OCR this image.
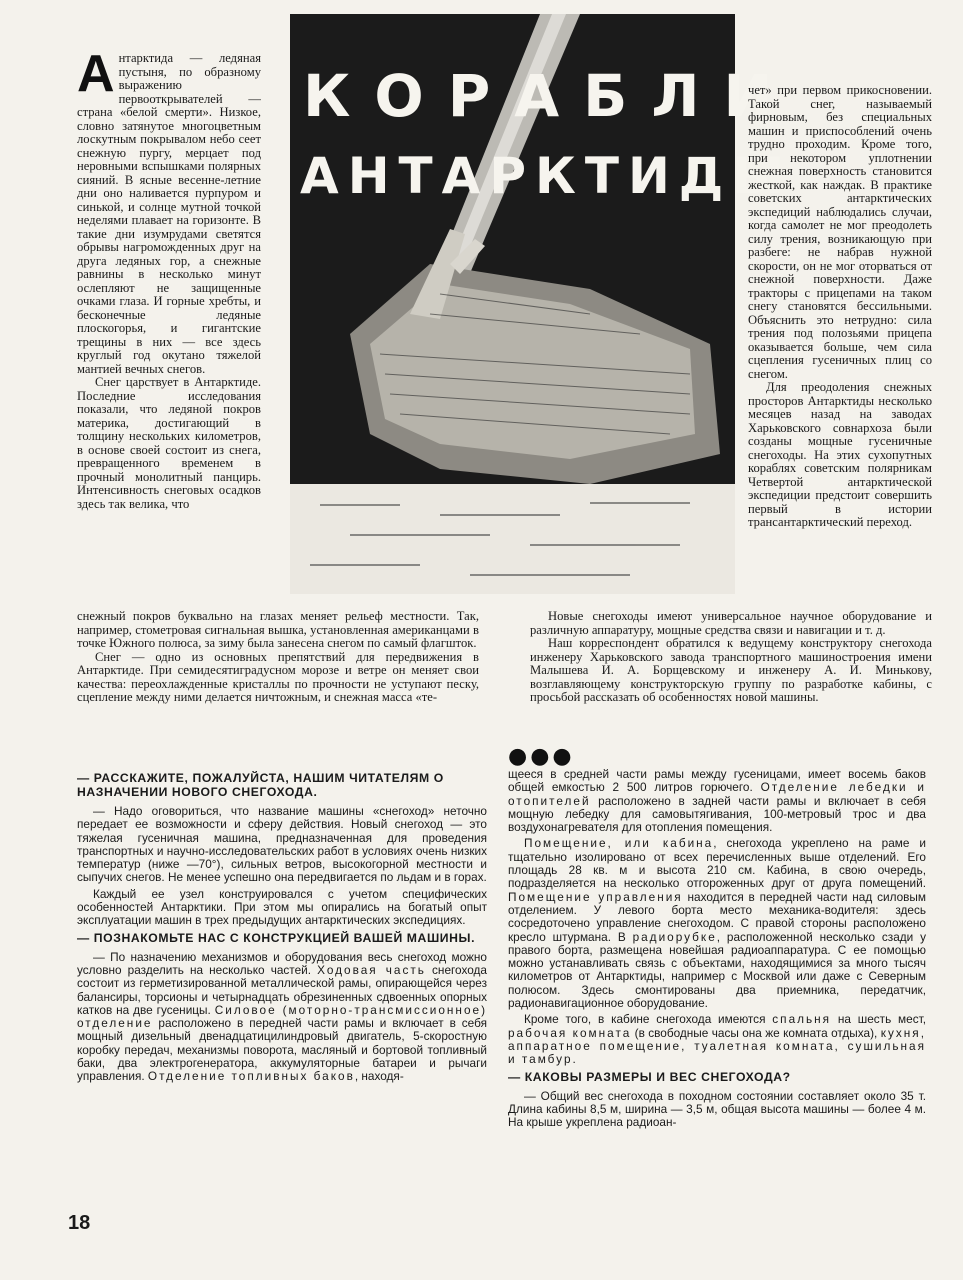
КОРАБЛИ
АНТАРКТИДЫ

Антарктида — ледяная пустыня, по образному выражению первооткрывателей — страна «белой смерти». Низкое, словно затянутое многоцветным лоскутным покрывалом небо сеет снежную пургу, мерцает под неровными вспышками полярных сияний. В ясные весенне-летние дни оно наливается пурпуром и синькой, и солнце мутной точкой неделями плавает на горизонте. В такие дни изумрудами светятся обрывы нагроможденных друг на друга ледяных гор, а снежные равнины в несколько минут ослепляют не защищенные очками глаза. И горные хребты, и бесконечные ледяные плоскогорья, и гигантские трещины в них — все здесь круглый год окутано тяжелой мантией вечных снегов.

Снег царствует в Антарктиде. Последние исследования показали, что ледяной покров материка, достигающий в толщину нескольких километров, в основе своей состоит из снега, превращенного временем в прочный монолитный панцирь. Интенсивность снеговых осадков здесь так велика, что

снежный покров буквально на глазах меняет рельеф местности. Так, например, стометровая сигнальная вышка, установленная американцами в точке Южного полюса, за зиму была занесена снегом по самый флагшток.

Снег — одно из основных препятствий для передвижения в Антарктиде. При семидесятиградусном морозе и ветре он меняет свои качества: переохлажденные кристаллы по прочности не уступают песку, сцепление между ними делается ничтожным, и снежная масса «те-

чет» при первом прикосновении. Такой снег, называемый фирновым, без специальных машин и приспособлений очень трудно проходим. Кроме того, при некотором уплотнении снежная поверхность становится жесткой, как наждак. В практике советских антарктических экспедиций наблюдались случаи, когда самолет не мог преодолеть силу трения, возникающую при разбеге: не набрав нужной скорости, он не мог оторваться от снежной поверхности. Даже тракторы с прицепами на таком снегу становятся бессильными. Объяснить это нетрудно: сила трения под полозьями прицепа оказывается больше, чем сила сцепления гусеничных плиц со снегом.

Для преодоления снежных просторов Антарктиды несколько месяцев назад на заводах Харьковского совнархоза были созданы мощные гусеничные снегоходы. На этих сухопутных кораблях советским полярникам Четвертой антарктической экспедиции предстоит совершить первый в истории трансантарктический переход.

Новые снегоходы имеют универсальное научное оборудование и различную аппаратуру, мощные средства связи и навигации и т. д.

Наш корреспондент обратился к ведущему конструктору снегохода инженеру Харьковского завода транспортного машиностроения имени Малышева И. А. Борщевскому и инженеру А. И. Миньковy, возглавляющему конструкторскую группу по разработке кабины, с просьбой рассказать об особенностях новой машины.

●●●
— РАССКАЖИТЕ, ПОЖАЛУЙСТА, НАШИМ ЧИТАТЕЛЯМ О НАЗНАЧЕНИИ НОВОГО СНЕГОХОДА.

— Надо оговориться, что название машины «снегоход» неточно передает ее возможности и сферу действия. Новый снегоход — это тяжелая гусеничная машина, предназначенная для проведения транспортных и научно-исследовательских работ в условиях очень низких температур (ниже —70°), сильных ветров, высокогорной местности и сыпучих снегов. Не менее успешно она передвигается по льдам и в горах.

Каждый ее узел конструировался с учетом специфических особенностей Антарктики. При этом мы опирались на богатый опыт эксплуатации машин в трех предыдущих антарктических экспедициях.

— ПОЗНАКОМЬТЕ НАС С КОНСТРУКЦИЕЙ ВАШЕЙ МАШИНЫ.

— По назначению механизмов и оборудования весь снегоход можно условно разделить на несколько частей. Ходовая часть снегохода состоит из герметизированной металлической рамы, опирающейся через балансиры, торсионы и четырнадцать обрезиненных сдвоенных опорных катков на две гусеницы. Силовое (моторно-трансмиссионное) отделение расположено в передней части рамы и включает в себя мощный дизельный двенадцатицилиндровый двигатель, 5-скоростную коробку передач, механизмы поворота, масляный и бортовой топливный баки, два электрогенератора, аккумуляторные батареи и рычаги управления. Отделение топливных баков, находя-

щееся в средней части рамы между гусеницами, имеет восемь баков общей емкостью 2 500 литров горючего. Отделение лебедки и отопителей расположено в задней части рамы и включает в себя мощную лебедку для самовытягивания, 100-метровый трос и два воздухонагревателя для отопления помещения.

Помещение, или кабина, снегохода укреплено на раме и тщательно изолировано от всех перечисленных выше отделений. Его площадь 28 кв. м и высота 210 см. Кабина, в свою очередь, подразделяется на несколько отгороженных друг от друга помещений. Помещение управления находится в передней части над силовым отделением. У левого борта место механика-водителя: здесь сосредоточено управление снегоходом. С правой стороны расположено кресло штурмана. В радиорубке, расположенной несколько сзади у правого борта, размещена новейшая радиоаппаратура. С ее помощью можно устанавливать связь с объектами, находящимися за много тысяч километров от Антарктиды, например с Москвой или даже с Северным полюсом. Здесь смонтированы два приемника, передатчик, радионавигационное оборудование.

Кроме того, в кабине снегохода имеются спальня на шесть мест, рабочая комната (в свободные часы она же комната отдыха), кухня, аппаратное помещение, туалетная комната, сушильная и тамбур.

— КАКОВЫ РАЗМЕРЫ И ВЕС СНЕГОХОДА?

— Общий вес снегохода в походном состоянии составляет около 35 т. Длина кабины 8,5 м, ширина — 3,5 м, общая высота машины — более 4 м. На крыше укреплена радиоан-

18
